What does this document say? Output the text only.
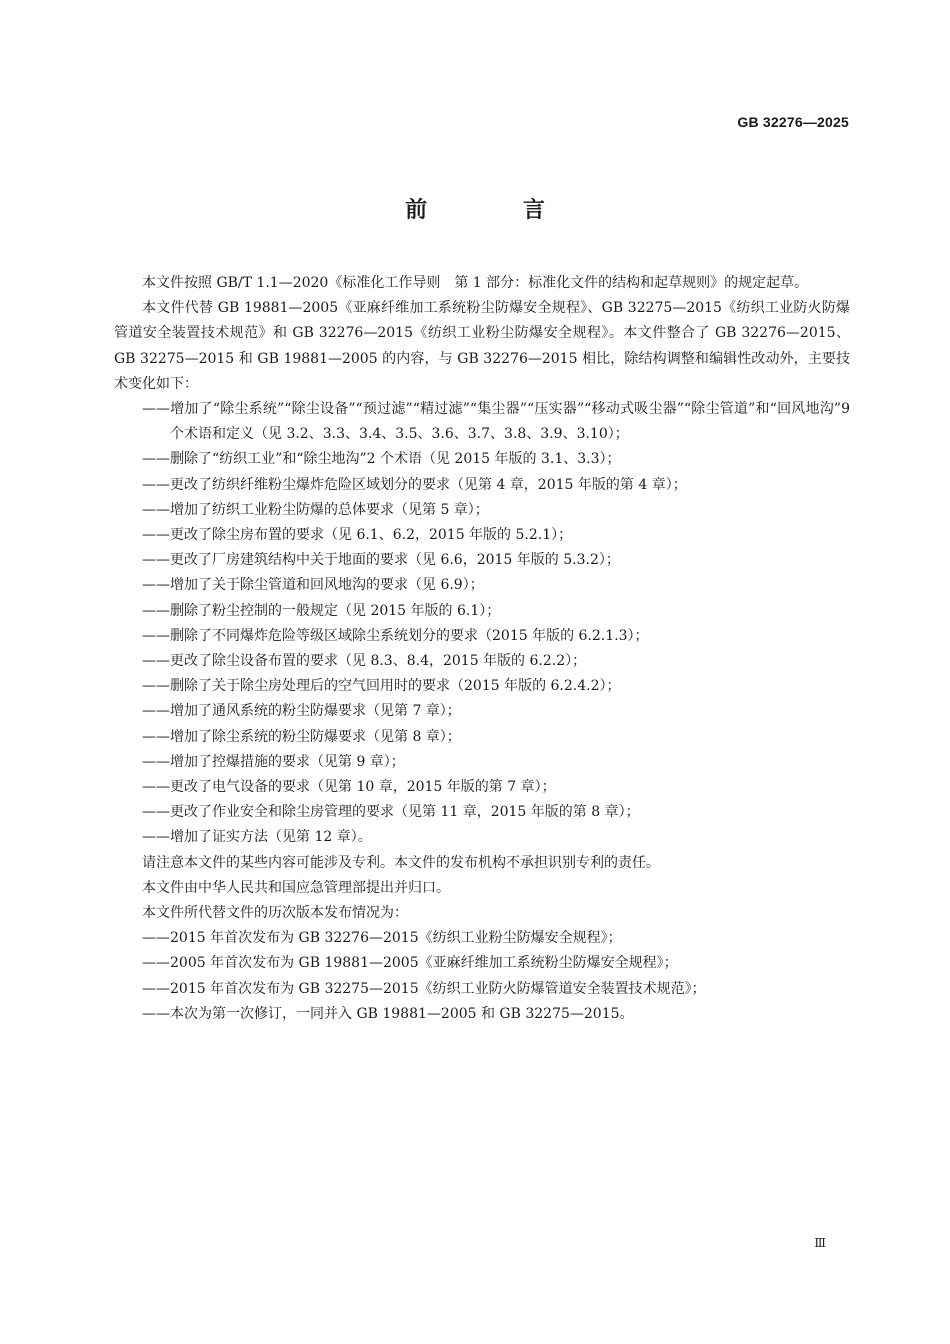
GB 32276—2025
前 言

本文件按照 GB/T 1.1—2020《标准化工作导则　第 1 部分：标准化文件的结构和起草规则》的规定起草。

本文件代替 GB 19881—2005《亚麻纤维加工系统粉尘防爆安全规程》、GB 32275—2015《纺织工业防火防爆管道安全装置技术规范》和 GB 32276—2015《纺织工业粉尘防爆安全规程》。本文件整合了 GB 32276—2015、GB 32275—2015 和 GB 19881—2005 的内容，与 GB 32276—2015 相比，除结构调整和编辑性改动外，主要技术变化如下：

——增加了“除尘系统”“除尘设备”“预过滤”“精过滤”“集尘器”“压实器”“移动式吸尘器”“除尘管道”和“回风地沟”9 个术语和定义（见 3.2、3.3、3.4、3.5、3.6、3.7、3.8、3.9、3.10）；

——删除了“纺织工业”和“除尘地沟”2 个术语（见 2015 年版的 3.1、3.3）；

——更改了纺织纤维粉尘爆炸危险区域划分的要求（见第 4 章，2015 年版的第 4 章）；

——增加了纺织工业粉尘防爆的总体要求（见第 5 章）；

——更改了除尘房布置的要求（见 6.1、6.2，2015 年版的 5.2.1）；

——更改了厂房建筑结构中关于地面的要求（见 6.6，2015 年版的 5.3.2）；

——增加了关于除尘管道和回风地沟的要求（见 6.9）；

——删除了粉尘控制的一般规定（见 2015 年版的 6.1）；

——删除了不同爆炸危险等级区域除尘系统划分的要求（2015 年版的 6.2.1.3）；

——更改了除尘设备布置的要求（见 8.3、8.4，2015 年版的 6.2.2）；

——删除了关于除尘房处理后的空气回用时的要求（2015 年版的 6.2.4.2）；

——增加了通风系统的粉尘防爆要求（见第 7 章）；

——增加了除尘系统的粉尘防爆要求（见第 8 章）；

——增加了控爆措施的要求（见第 9 章）；

——更改了电气设备的要求（见第 10 章，2015 年版的第 7 章）；

——更改了作业安全和除尘房管理的要求（见第 11 章，2015 年版的第 8 章）；

——增加了证实方法（见第 12 章）。

请注意本文件的某些内容可能涉及专利。本文件的发布机构不承担识别专利的责任。

本文件由中华人民共和国应急管理部提出并归口。

本文件所代替文件的历次版本发布情况为：

——2015 年首次发布为 GB 32276—2015《纺织工业粉尘防爆安全规程》；

——2005 年首次发布为 GB 19881—2005《亚麻纤维加工系统粉尘防爆安全规程》；

——2015 年首次发布为 GB 32275—2015《纺织工业防火防爆管道安全装置技术规范》；

——本次为第一次修订，一同并入 GB 19881—2005 和 GB 32275—2015。

Ⅲ
